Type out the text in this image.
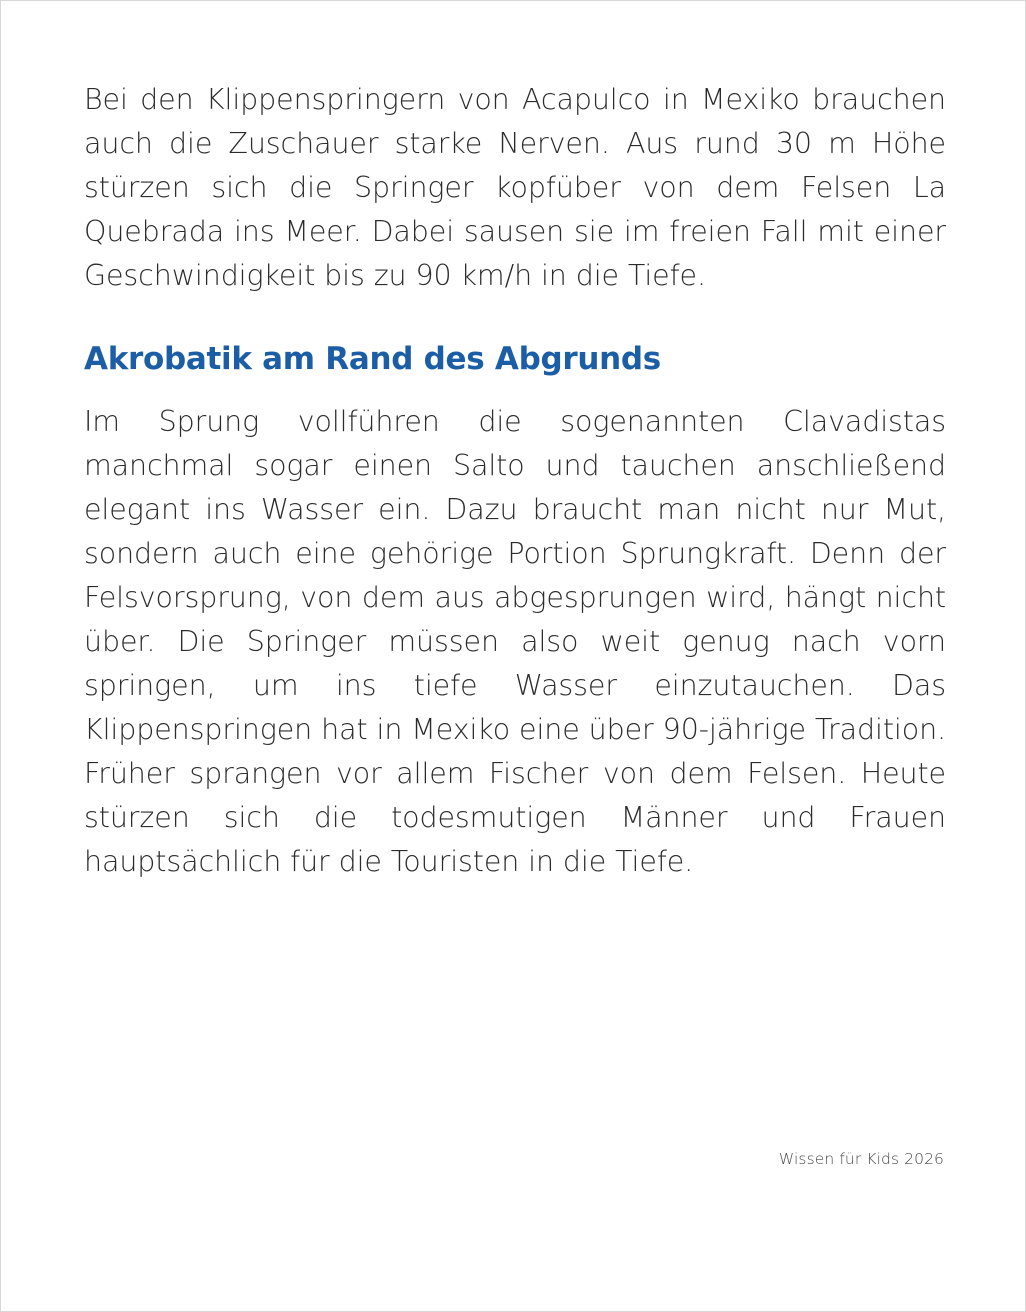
Bei den Klippenspringern von Acapulco in Mexiko brauchen auch die Zuschauer starke Nerven. Aus rund 30 m Höhe stürzen sich die Springer kopfüber von dem Felsen La Quebrada ins Meer. Dabei sausen sie im freien Fall mit einer Geschwindigkeit bis zu 90 km/h in die Tiefe.

Akrobatik am Rand des Abgrunds

Im Sprung vollführen die sogenannten Clavadistas manchmal sogar einen Salto und tauchen anschließend elegant ins Wasser ein. Dazu braucht man nicht nur Mut, sondern auch eine gehörige Portion Sprungkraft. Denn der Felsvorsprung, von dem aus abgesprungen wird, hängt nicht über. Die Springer müssen also weit genug nach vorn springen, um ins tiefe Wasser einzutauchen. Das Klippenspringen hat in Mexiko eine über 90-jährige Tradition. Früher sprangen vor allem Fischer von dem Felsen. Heute stürzen sich die todesmutigen Männer und Frauen hauptsächlich für die Touristen in die Tiefe.

Wissen für Kids 2026
